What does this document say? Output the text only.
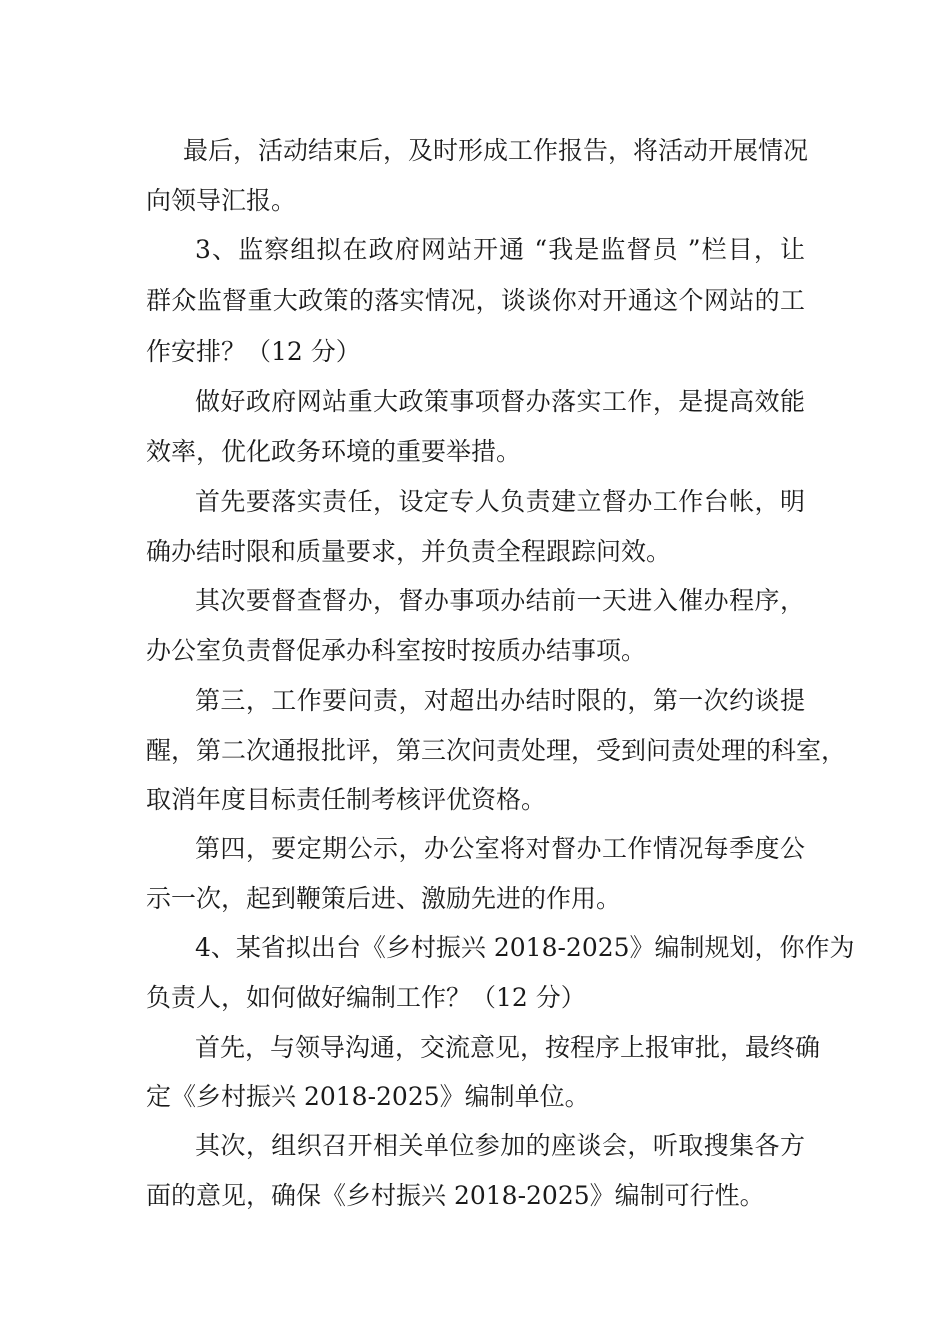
最后，活动结束后，及时形成工作报告，将活动开展情况

向领导汇报。

3、监察组拟在政府网站开通 “我是监督员 ”栏目，让

群众监督重大政策的落实情况，谈谈你对开通这个网站的工

作安排？（12 分）

做好政府网站重大政策事项督办落实工作，是提高效能

效率，优化政务环境的重要举措。

首先要落实责任，设定专人负责建立督办工作台帐，明

确办结时限和质量要求，并负责全程跟踪问效。

其次要督查督办，督办事项办结前一天进入催办程序，

办公室负责督促承办科室按时按质办结事项。

第三，工作要问责，对超出办结时限的，第一次约谈提

醒，第二次通报批评，第三次问责处理，受到问责处理的科室，

取消年度目标责任制考核评优资格。

第四，要定期公示，办公室将对督办工作情况每季度公

示一次，起到鞭策后进、激励先进的作用。

4、某省拟出台《乡村振兴 2018-2025》编制规划，你作为

负责人，如何做好编制工作？（12 分）

首先，与领导沟通，交流意见，按程序上报审批，最终确

定《乡村振兴 2018-2025》编制单位。

其次，组织召开相关单位参加的座谈会，听取搜集各方

面的意见，确保《乡村振兴 2018-2025》编制可行性。
